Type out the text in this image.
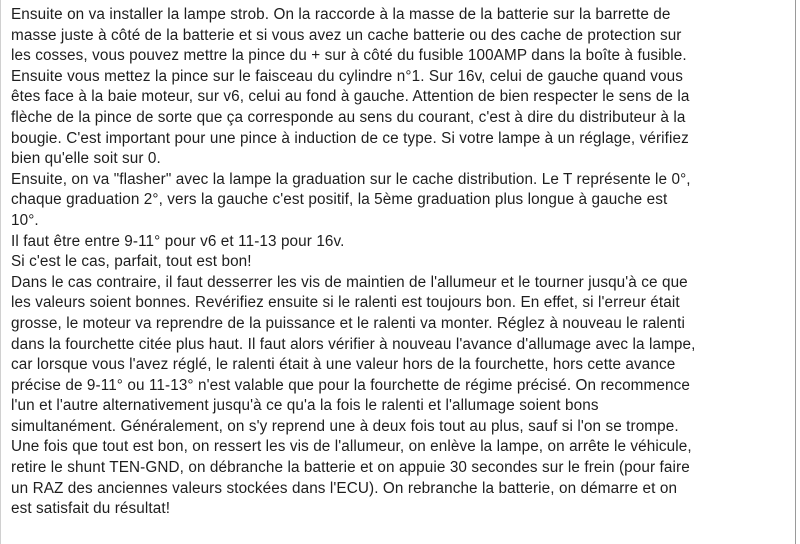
Ensuite on va installer la lampe strob. On la raccorde à la masse de la batterie sur la barrette de
masse juste à côté de la batterie et si vous avez un cache batterie ou des cache de protection sur
les cosses, vous pouvez mettre la pince du + sur à côté du fusible 100AMP dans la boîte à fusible.
Ensuite vous mettez la pince sur le faisceau du cylindre n°1. Sur 16v, celui de gauche quand vous
êtes face à la baie moteur, sur v6, celui au fond à gauche. Attention de bien respecter le sens de la
flèche de la pince de sorte que ça corresponde au sens du courant, c'est à dire du distributeur à la
bougie. C'est important pour une pince à induction de ce type. Si votre lampe à un réglage, vérifiez
bien qu'elle soit sur 0.
Ensuite, on va "flasher" avec la lampe la graduation sur le cache distribution. Le T représente le 0°,
chaque graduation 2°, vers la gauche c'est positif, la 5ème graduation plus longue à gauche est
10°.
Il faut être entre 9-11° pour v6 et 11-13 pour 16v.
Si c'est le cas, parfait, tout est bon!
Dans le cas contraire, il faut desserrer les vis de maintien de l'allumeur et le tourner jusqu'à ce que
les valeurs soient bonnes. Revérifiez ensuite si le ralenti est toujours bon. En effet, si l'erreur était
grosse, le moteur va reprendre de la puissance et le ralenti va monter. Réglez à nouveau le ralenti
dans la fourchette citée plus haut. Il faut alors vérifier à nouveau l'avance d'allumage avec la lampe,
car lorsque vous l'avez réglé, le ralenti était à une valeur hors de la fourchette, hors cette avance
précise de 9-11° ou 11-13° n'est valable que pour la fourchette de régime précisé. On recommence
l'un et l'autre alternativement jusqu'à ce qu'a la fois le ralenti et l'allumage soient bons
simultanément. Généralement, on s'y reprend une à deux fois tout au plus, sauf si l'on se trompe.
Une fois que tout est bon, on ressert les vis de l'allumeur, on enlève la lampe, on arrête le véhicule,
retire le shunt TEN-GND, on débranche la batterie et on appuie 30 secondes sur le frein (pour faire
un RAZ des anciennes valeurs stockées dans l'ECU). On rebranche la batterie, on démarre et on
est satisfait du résultat!
